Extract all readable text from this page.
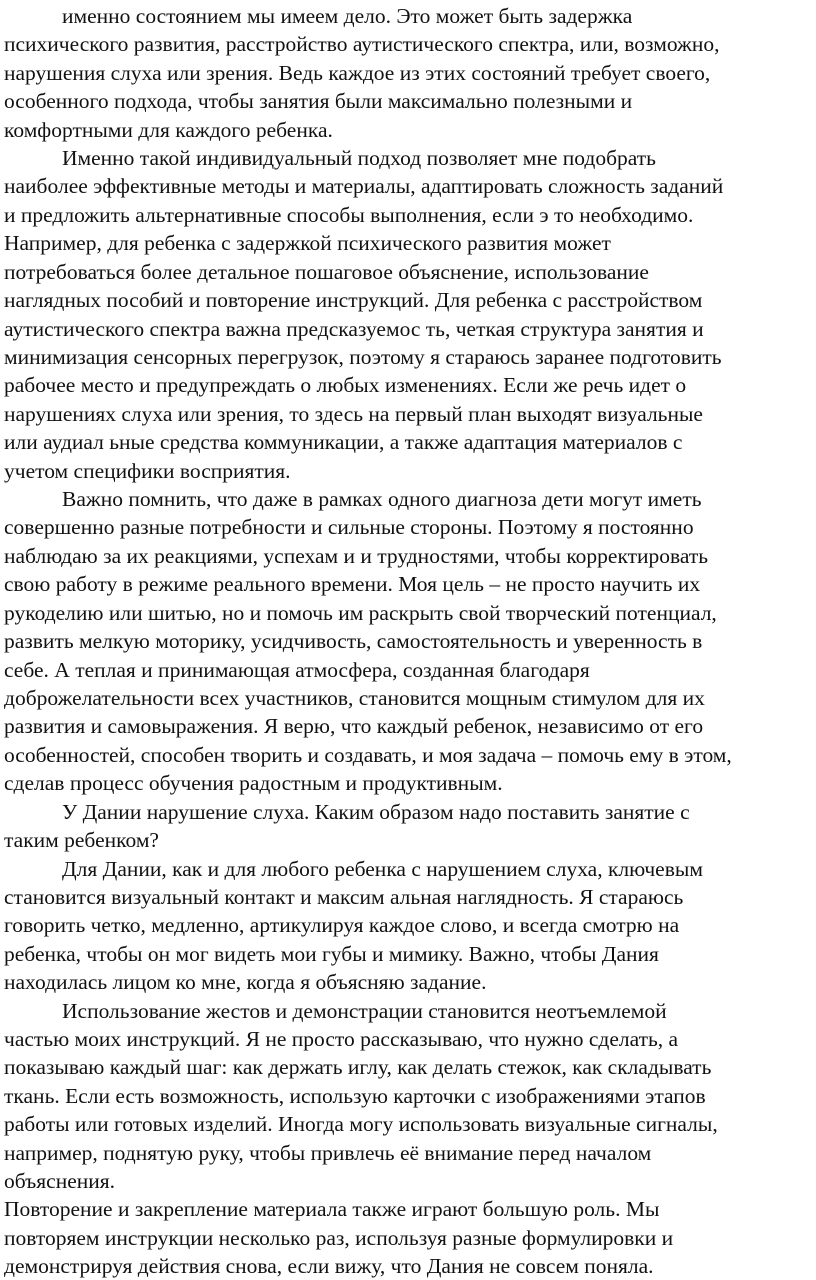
именно состоянием мы имеем дело. Это может быть задержка
психического развития, расстройство аутистического спектра, или, возможно,
нарушения слуха или зрения. Ведь каждое из этих состояний требует своего,
особенного подхода, чтобы занятия были максимально полезными и
комфортными для каждого ребенка.
Именно такой индивидуальный подход позволяет мне подобрать
наиболее эффективные методы и материалы, адаптировать сложность заданий
и предложить альтернативные способы выполнения, если э то необходимо.
Например, для ребенка с задержкой психического развития может
потребоваться более детальное пошаговое объяснение, использование
наглядных пособий и повторение инструкций. Для ребенка с расстройством
аутистического спектра важна предсказуемос ть, четкая структура занятия и
минимизация сенсорных перегрузок, поэтому я стараюсь заранее подготовить
рабочее место и предупреждать о любых изменениях. Если же речь идет о
нарушениях слуха или зрения, то здесь на первый план выходят визуальные
или аудиал ьные средства коммуникации, а также адаптация материалов с
учетом специфики восприятия.
Важно помнить, что даже в рамках одного диагноза дети могут иметь
совершенно разные потребности и сильные стороны. Поэтому я постоянно
наблюдаю за их реакциями, успехам и и трудностями, чтобы корректировать
свою работу в режиме реального времени. Моя цель – не просто научить их
рукоделию или шитью, но и помочь им раскрыть свой творческий потенциал,
развить мелкую моторику, усидчивость, самостоятельность и уверенность в
себе. А теплая и принимающая атмосфера, созданная благодаря
доброжелательности всех участников, становится мощным стимулом для их
развития и самовыражения. Я верю, что каждый ребенок, независимо от его
особенностей, способен творить и создавать, и моя задача – помочь ему в этом,
сделав процесс обучения радостным и продуктивным.
У Дании нарушение слуха. Каким образом надо поставить занятие с
таким ребенком?
Для Дании, как и для любого ребенка с нарушением слуха, ключевым
становится визуальный контакт и максим альная наглядность. Я стараюсь
говорить четко, медленно, артикулируя каждое слово, и всегда смотрю на
ребенка, чтобы он мог видеть мои губы и мимику. Важно, чтобы Дания
находилась лицом ко мне, когда я объясняю задание.
Использование жестов и демонстрации становится неотъемлемой
частью моих инструкций. Я не просто рассказываю, что нужно сделать, а
показываю каждый шаг: как держать иглу, как делать стежок, как складывать
ткань. Если есть возможность, использую карточки с изображениями этапов
работы или готовых изделий. Иногда могу использовать визуальные сигналы,
например, поднятую руку, чтобы привлечь её внимание перед началом
объяснения.
Повторение и закрепление материала также играют большую роль. Мы
повторяем инструкции несколько раз, используя разные формулировки и
демонстрируя действия снова, если вижу, что Дания не совсем поняла.
